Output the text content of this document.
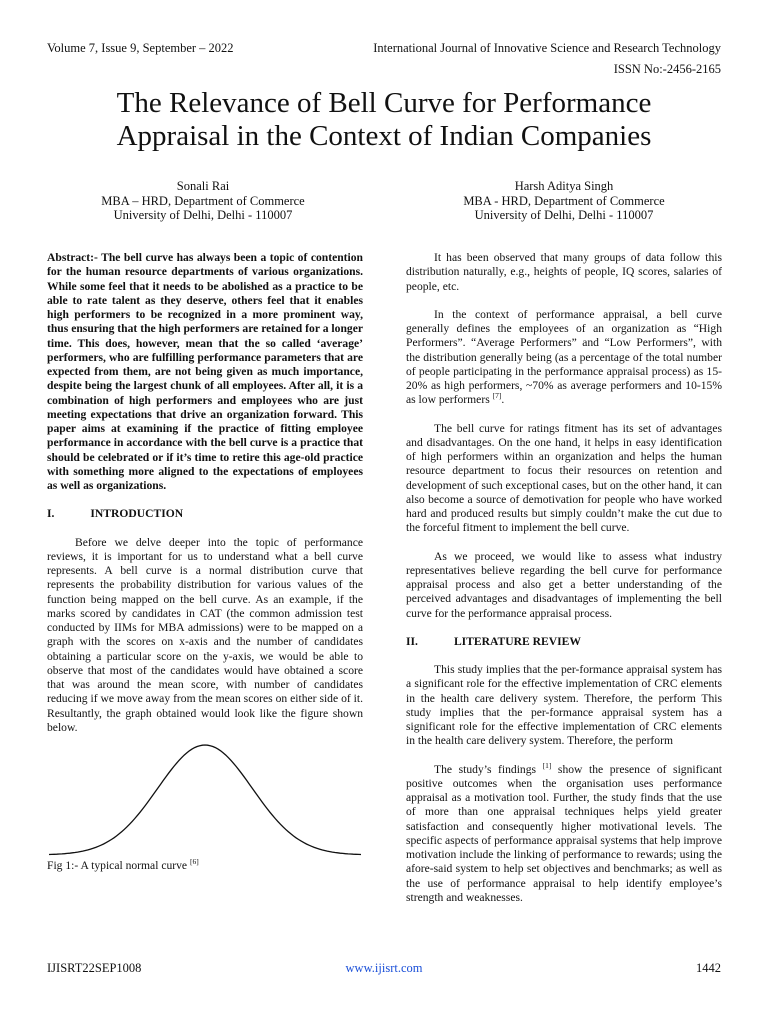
Volume 7, Issue 9, September – 2022	International Journal of Innovative Science and Research Technology
ISSN No:-2456-2165
The Relevance of Bell Curve for Performance
Appraisal in the Context of Indian Companies
Sonali Rai
MBA – HRD, Department of Commerce
University of Delhi, Delhi - 110007
Harsh Aditya Singh
MBA - HRD, Department of Commerce
University of Delhi, Delhi - 110007

Abstract:- The bell curve has always been a topic of contention for the human resource departments of various organizations. While some feel that it needs to be abolished as a practice to be able to rate talent as they deserve, others feel that it enables high performers to be recognized in a more prominent way, thus ensuring that the high performers are retained for a longer time. This does, however, mean that the so called ‘average’ performers, who are fulfilling performance parameters that are expected from them, are not being given as much importance, despite being the largest chunk of all employees. After all, it is a combination of high performers and employees who are just meeting expectations that drive an organization forward. This paper aims at examining if the practice of fitting employee performance in accordance with the bell curve is a practice that should be celebrated or if it’s time to retire this age-old practice with something more aligned to the expectations of employees as well as organizations.

I.	INTRODUCTION

Before we delve deeper into the topic of performance reviews, it is important for us to understand what a bell curve represents. A bell curve is a normal distribution curve that represents the probability distribution for various values of the function being mapped on the bell curve. As an example, if the marks scored by candidates in CAT (the common admission test conducted by IIMs for MBA admissions) were to be mapped on a graph with the scores on x-axis and the number of candidates obtaining a particular score on the y-axis, we would be able to observe that most of the candidates would have obtained a score that was around the mean score, with number of candidates reducing if we move away from the mean scores on either side of it. Resultantly, the graph obtained would look like the figure shown below.

Fig 1:- A typical normal curve [6]

It has been observed that many groups of data follow this distribution naturally, e.g., heights of people, IQ scores, salaries of people, etc.

In the context of performance appraisal, a bell curve generally defines the employees of an organization as “High Performers”. “Average Performers” and “Low Performers”, with the distribution generally being (as a percentage of the total number of people participating in the performance appraisal process) as 15-20% as high performers, ~70% as average performers and 10-15% as low performers [7].

The bell curve for ratings fitment has its set of advantages and disadvantages. On the one hand, it helps in easy identification of high performers within an organization and helps the human resource department to focus their resources on retention and development of such exceptional cases, but on the other hand, it can also become a source of demotivation for people who have worked hard and produced results but simply couldn’t make the cut due to the forceful fitment to implement the bell curve.

As we proceed, we would like to assess what industry representatives believe regarding the bell curve for performance appraisal process and also get a better understanding of the perceived advantages and disadvantages of implementing the bell curve for the performance appraisal process.

II.	LITERATURE REVIEW

This study implies that the per-formance appraisal system has a significant role for the effective implementation of CRC elements in the health care delivery system. Therefore, the perform This study implies that the per-formance appraisal system has a significant role for the effective implementation of CRC elements in the health care delivery system. Therefore, the perform

The study’s findings [1] show the presence of significant positive outcomes when the organisation uses performance appraisal as a motivation tool. Further, the study finds that the use of more than one appraisal techniques helps yield greater satisfaction and consequently higher motivational levels. The specific aspects of performance appraisal systems that help improve motivation include the linking of performance to rewards; using the afore-said system to help set objectives and benchmarks; as well as the use of performance appraisal to help identify employee’s strength and weaknesses.

IJISRT22SEP1008	www.ijisrt.com	1442
